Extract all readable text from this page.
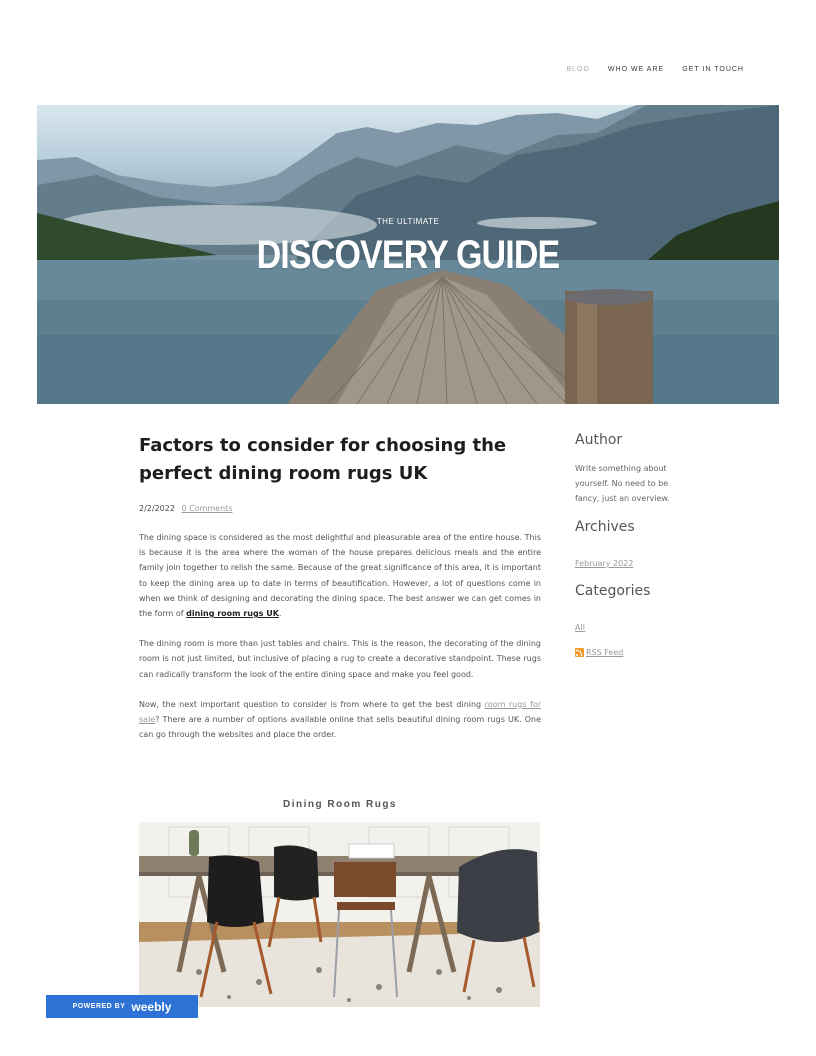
BLOG	WHO WE ARE	GET IN TOUCH
THE ULTIMATE
DISCOVERY GUIDE
Factors to consider for choosing the perfect dining room rugs UK
2/2/2022 0 Comments

The dining space is considered as the most delightful and pleasurable area of the entire house. This is because it is the area where the woman of the house prepares delicious meals and the entire family join together to relish the same. Because of the great significance of this area, it is important to keep the dining area up to date in terms of beautification. However, a lot of questions come in when we think of designing and decorating the dining space. The best answer we can get comes in the form of dining room rugs UK.

The dining room is more than just tables and chairs. This is the reason, the decorating of the dining room is not just limited, but inclusive of placing a rug to create a decorative standpoint. These rugs can radically transform the look of the entire dining space and make you feel good.

Now, the next important question to consider is from where to get the best dining room rugs for sale? There are a number of options available online that sells beautiful dining room rugs UK. One can go through the websites and place the order.

Dining Room Rugs
Author
Write something about yourself. No need to be fancy, just an overview.
Archives
February 2022
Categories
All
RSS Feed
POWERED BY weebly
